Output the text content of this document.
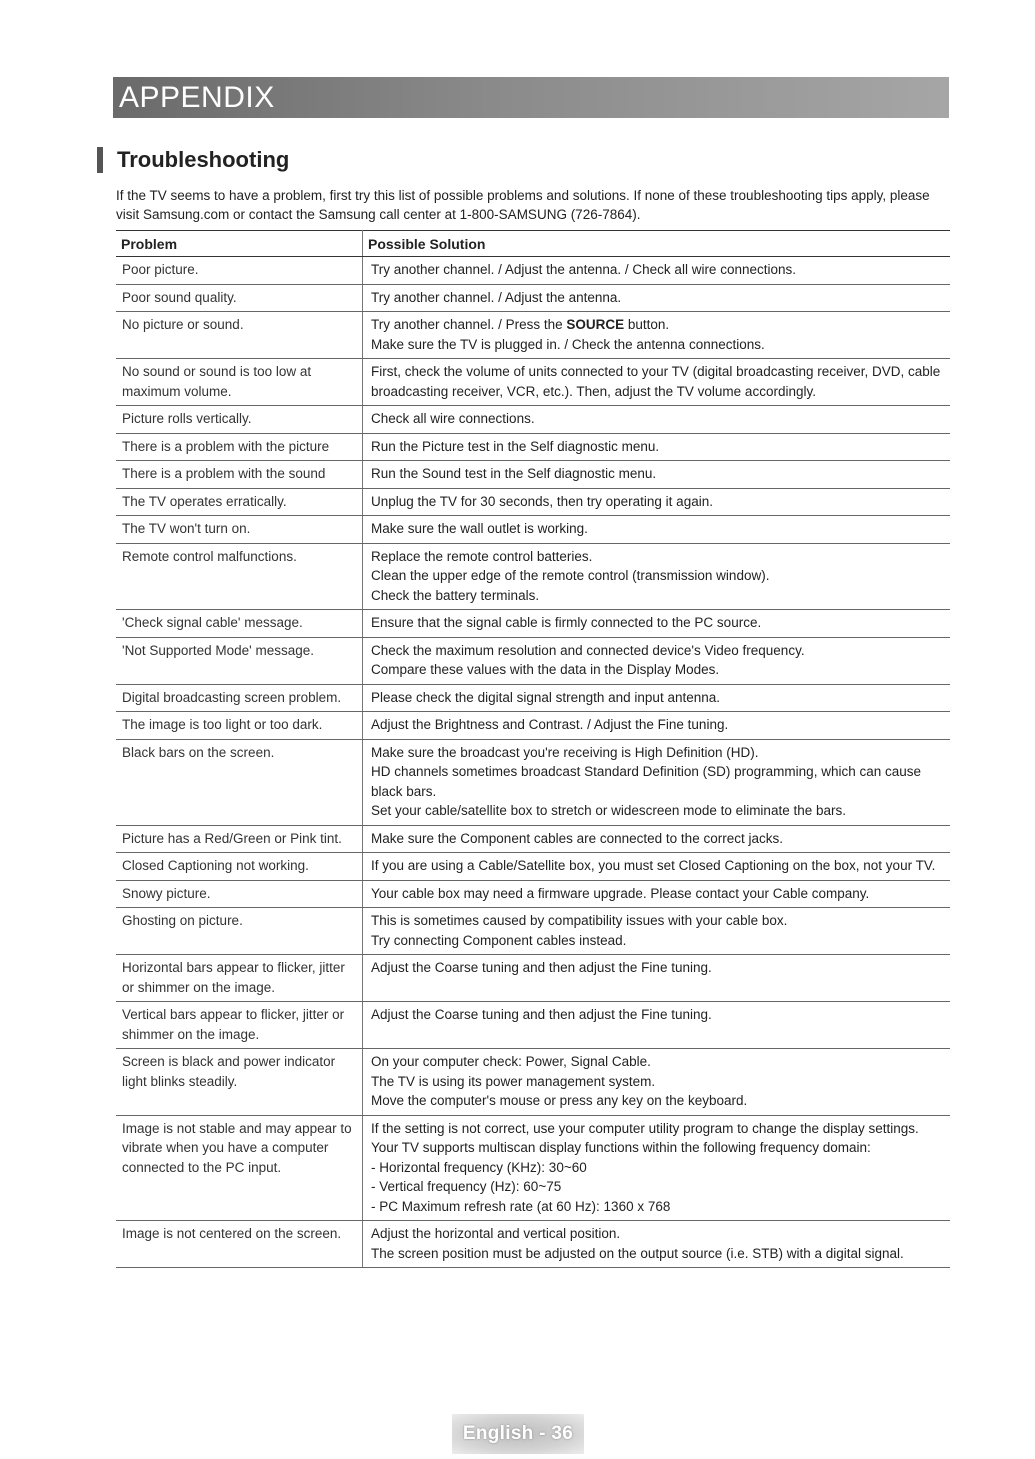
APPENDIX
Troubleshooting
If the TV seems to have a problem, first try this list of possible problems and solutions. If none of these troubleshooting tips apply, please visit Samsung.com or contact the Samsung call center at 1-800-SAMSUNG (726-7864).
Problem	Possible Solution
Poor picture.	Try another channel. / Adjust the antenna. / Check all wire connections.

Poor sound quality.	Try another channel. / Adjust the antenna.

No picture or sound.	Try another channel. / Press the SOURCE button.
Make sure the TV is plugged in. / Check the antenna connections.

No sound or sound is too low at maximum volume.	First, check the volume of units connected to your TV (digital broadcasting receiver, DVD, cable broadcasting receiver, VCR, etc.). Then, adjust the TV volume accordingly.

Picture rolls vertically.	Check all wire connections.

There is a problem with the picture	Run the Picture test in the Self diagnostic menu.

There is a problem with the sound	Run the Sound test in the Self diagnostic menu.

The TV operates erratically.	Unplug the TV for 30 seconds, then try operating it again.

The TV won't turn on.	Make sure the wall outlet is working.

Remote control malfunctions.	Replace the remote control batteries.
Clean the upper edge of the remote control (transmission window).
Check the battery terminals.

'Check signal cable' message.	Ensure that the signal cable is firmly connected to the PC source.

'Not Supported Mode' message.	Check the maximum resolution and connected device's Video frequency.
Compare these values with the data in the Display Modes.

Digital broadcasting screen problem.	Please check the digital signal strength and input antenna.

The image is too light or too dark.	Adjust the Brightness and Contrast. / Adjust the Fine tuning.

Black bars on the screen.	Make sure the broadcast you're receiving is High Definition (HD).
HD channels sometimes broadcast Standard Definition (SD) programming, which can cause black bars.
Set your cable/satellite box to stretch or widescreen mode to eliminate the bars.

Picture has a Red/Green or Pink tint.	Make sure the Component cables are connected to the correct jacks.

Closed Captioning not working.	If you are using a Cable/Satellite box, you must set Closed Captioning on the box, not your TV.

Snowy picture.	Your cable box may need a firmware upgrade. Please contact your Cable company.

Ghosting on picture.	This is sometimes caused by compatibility issues with your cable box.
Try connecting Component cables instead.

Horizontal bars appear to flicker, jitter or shimmer on the image.	Adjust the Coarse tuning and then adjust the Fine tuning.

Vertical bars appear to flicker, jitter or shimmer on the image.	Adjust the Coarse tuning and then adjust the Fine tuning.

Screen is black and power indicator light blinks steadily.	On your computer check: Power, Signal Cable.
The TV is using its power management system.
Move the computer's mouse or press any key on the keyboard.

Image is not stable and may appear to vibrate when you have a computer connected to the PC input.	If the setting is not correct, use your computer utility program to change the display settings.
Your TV supports multiscan display functions within the following frequency domain:
- Horizontal frequency (KHz): 30~60
- Vertical frequency (Hz): 60~75
- PC Maximum refresh rate (at 60 Hz): 1360 x 768

Image is not centered on the screen.	Adjust the horizontal and vertical position.
The screen position must be adjusted on the output source (i.e. STB) with a digital signal.
English - 36
